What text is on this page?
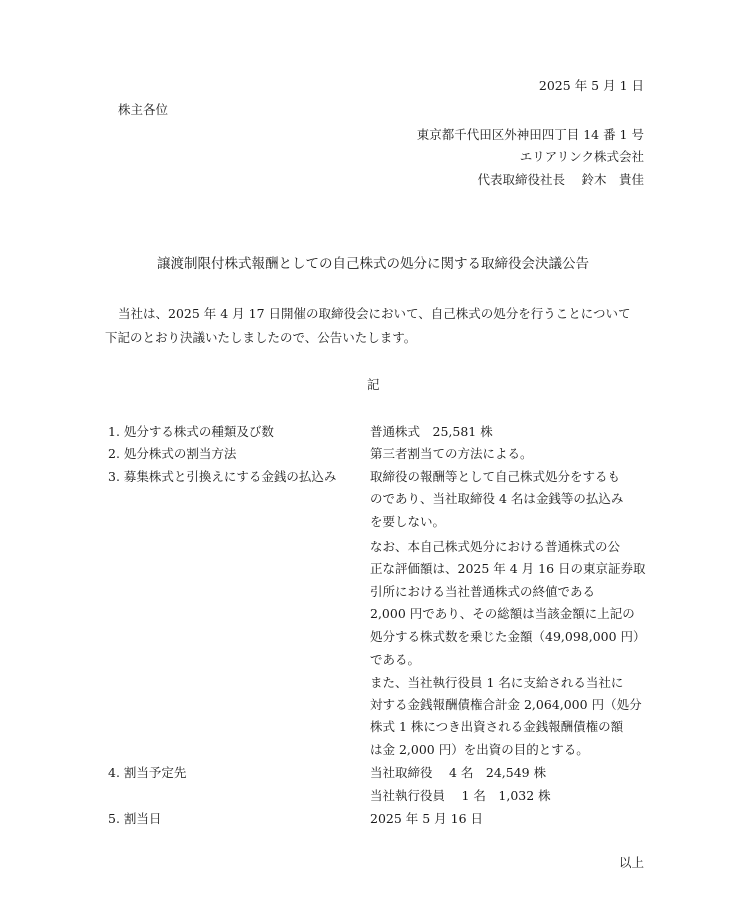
2025 年 5 月 1 日
株主各位
東京都千代田区外神田四丁目 14 番 1 号
エリアリンク株式会社
代表取締役社長　 鈴木　貴佳
譲渡制限付株式報酬としての自己株式の処分に関する取締役会決議公告
当社は、2025 年 4 月 17 日開催の取締役会において、自己株式の処分を行うことについて
下記のとおり決議いたしましたので、公告いたします。
記
1. 処分する株式の種類及び数	普通株式　25,581 株
2. 処分株式の割当方法	第三者割当ての方法による。
3. 募集株式と引換えにする金銭の払込み	取締役の報酬等として自己株式処分をするも
のであり、当社取締役 4 名は金銭等の払込み
を要しない。
なお、本自己株式処分における普通株式の公
正な評価額は、2025 年 4 月 16 日の東京証券取
引所における当社普通株式の終値である
2,000 円であり、その総額は当該金額に上記の
処分する株式数を乗じた金額（49,098,000 円）
である。
また、当社執行役員 1 名に支給される当社に
対する金銭報酬債権合計金 2,064,000 円（処分
株式 1 株につき出資される金銭報酬債権の額
は金 2,000 円）を出資の目的とする。
4. 割当予定先	当社取締役　 4 名　24,549 株
当社執行役員　 1 名　1,032 株
5. 割当日	2025 年 5 月 16 日
以上
